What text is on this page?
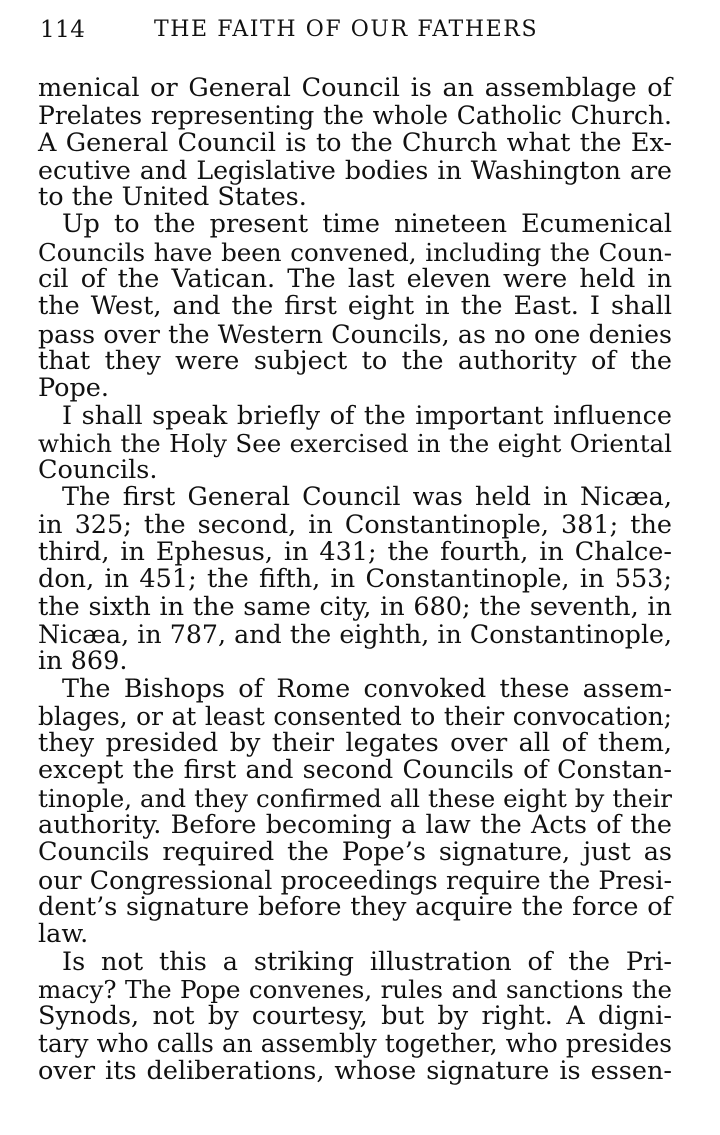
114	THE FAITH OF OUR FATHERS
menical or General Council is an assemblage of
Prelates representing the whole Catholic Church.
A General Council is to the Church what the Ex-
ecutive and Legislative bodies in Washington are
to the United States.
Up to the present time nineteen Ecumenical
Councils have been convened, including the Coun-
cil of the Vatican. The last eleven were held in
the West, and the first eight in the East. I shall
pass over the Western Councils, as no one denies
that they were subject to the authority of the
Pope.
I shall speak briefly of the important influence
which the Holy See exercised in the eight Oriental
Councils.
The first General Council was held in Nicæa,
in 325; the second, in Constantinople, 381; the
third, in Ephesus, in 431; the fourth, in Chalce-
don, in 451; the fifth, in Constantinople, in 553;
the sixth in the same city, in 680; the seventh, in
Nicæa, in 787, and the eighth, in Constantinople,
in 869.
The Bishops of Rome convoked these assem-
blages, or at least consented to their convocation;
they presided by their legates over all of them,
except the first and second Councils of Constan-
tinople, and they confirmed all these eight by their
authority. Before becoming a law the Acts of the
Councils required the Pope’s signature, just as
our Congressional proceedings require the Presi-
dent’s signature before they acquire the force of
law.
Is not this a striking illustration of the Pri-
macy? The Pope convenes, rules and sanctions the
Synods, not by courtesy, but by right. A digni-
tary who calls an assembly together, who presides
over its deliberations, whose signature is essen-
